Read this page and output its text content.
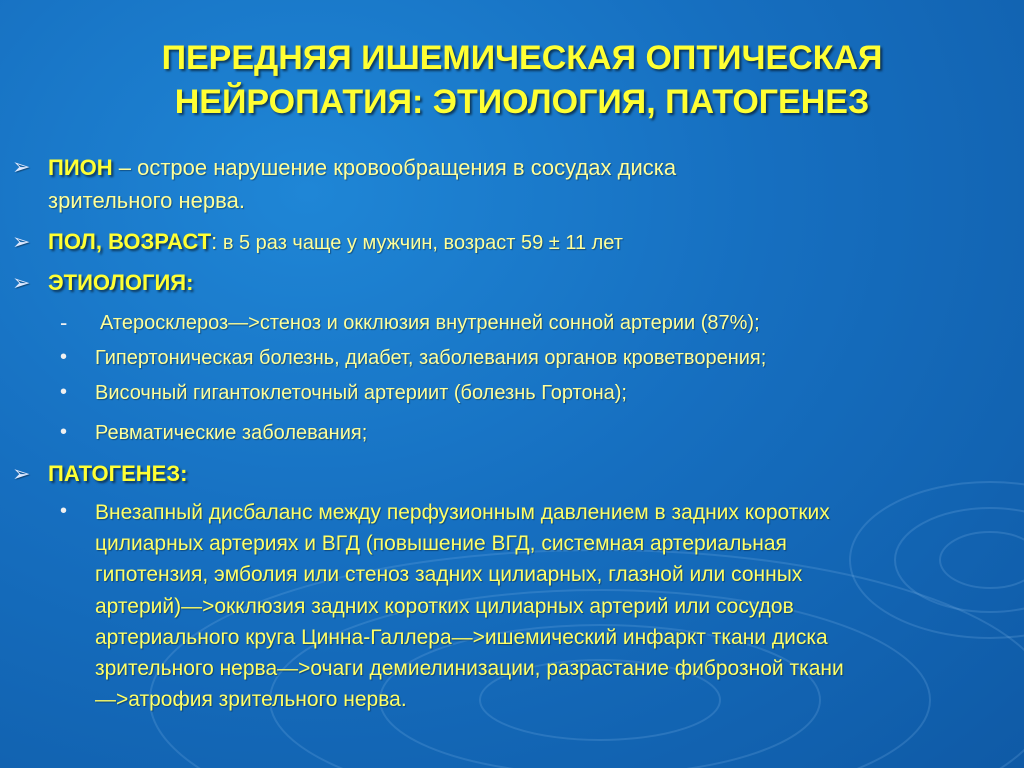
ПЕРЕДНЯЯ ИШЕМИЧЕСКАЯ ОПТИЧЕСКАЯ
НЕЙРОПАТИЯ: ЭТИОЛОГИЯ, ПАТОГЕНЕЗ
➢ ПИОН – острое нарушение кровообращения в сосудах диска
зрительного нерва.
➢ ПОЛ, ВОЗРАСТ: в 5 раз чаще у мужчин, возраст 59 ± 11 лет
➢ ЭТИОЛОГИЯ:
- Атеросклероз—>стеноз и окклюзия внутренней сонной артерии (87%);
• Гипертоническая болезнь, диабет, заболевания органов кроветворения;
• Височный гигантоклеточный артериит (болезнь Гортона);
• Ревматические заболевания;
➢ ПАТОГЕНЕЗ:
• Внезапный дисбаланс между перфузионным давлением в задних коротких
цилиарных артериях и ВГД (повышение ВГД, системная артериальная
гипотензия, эмболия или стеноз задних цилиарных, глазной или сонных
артерий)—>окклюзия задних коротких цилиарных артерий или сосудов
артериального круга Цинна-Галлера—>ишемический инфаркт ткани диска
зрительного нерва—>очаги демиелинизации, разрастание фиброзной ткани
—>атрофия зрительного нерва.
